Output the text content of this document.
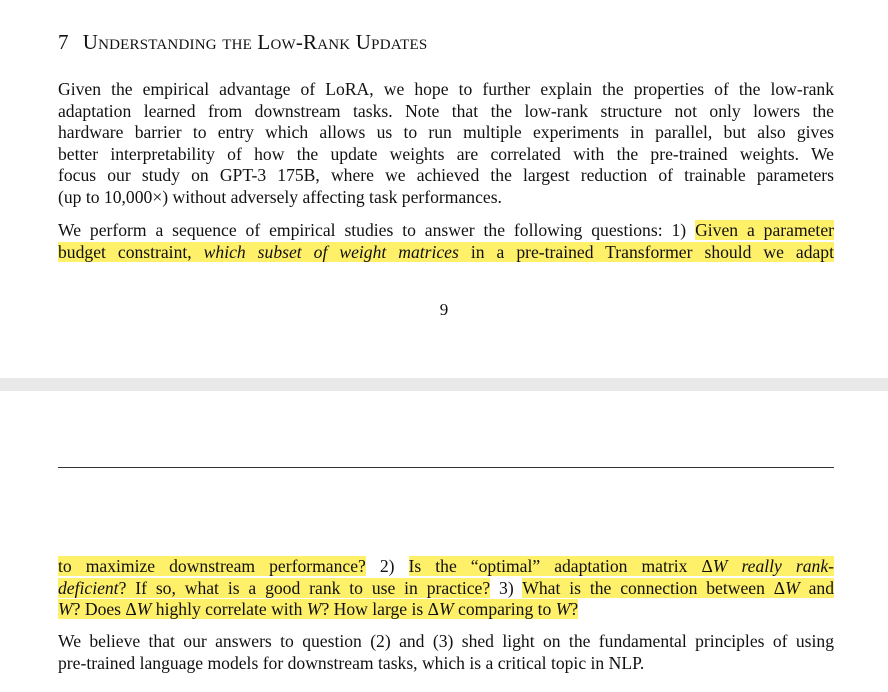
7 Understanding the Low-Rank Updates

Given the empirical advantage of LoRA, we hope to further explain the properties of the low-rank
adaptation learned from downstream tasks. Note that the low-rank structure not only lowers the
hardware barrier to entry which allows us to run multiple experiments in parallel, but also gives
better interpretability of how the update weights are correlated with the pre-trained weights. We
focus our study on GPT-3 175B, where we achieved the largest reduction of trainable parameters
(up to 10,000×) without adversely affecting task performances.

We perform a sequence of empirical studies to answer the following questions: 1) Given a parameter
budget constraint, which subset of weight matrices in a pre-trained Transformer should we adapt

9

to maximize downstream performance? 2) Is the “optimal” adaptation matrix ΔW really rank-
deficient? If so, what is a good rank to use in practice? 3) What is the connection between ΔW and
W? Does ΔW highly correlate with W? How large is ΔW comparing to W?

We believe that our answers to question (2) and (3) shed light on the fundamental principles of using
pre-trained language models for downstream tasks, which is a critical topic in NLP.
